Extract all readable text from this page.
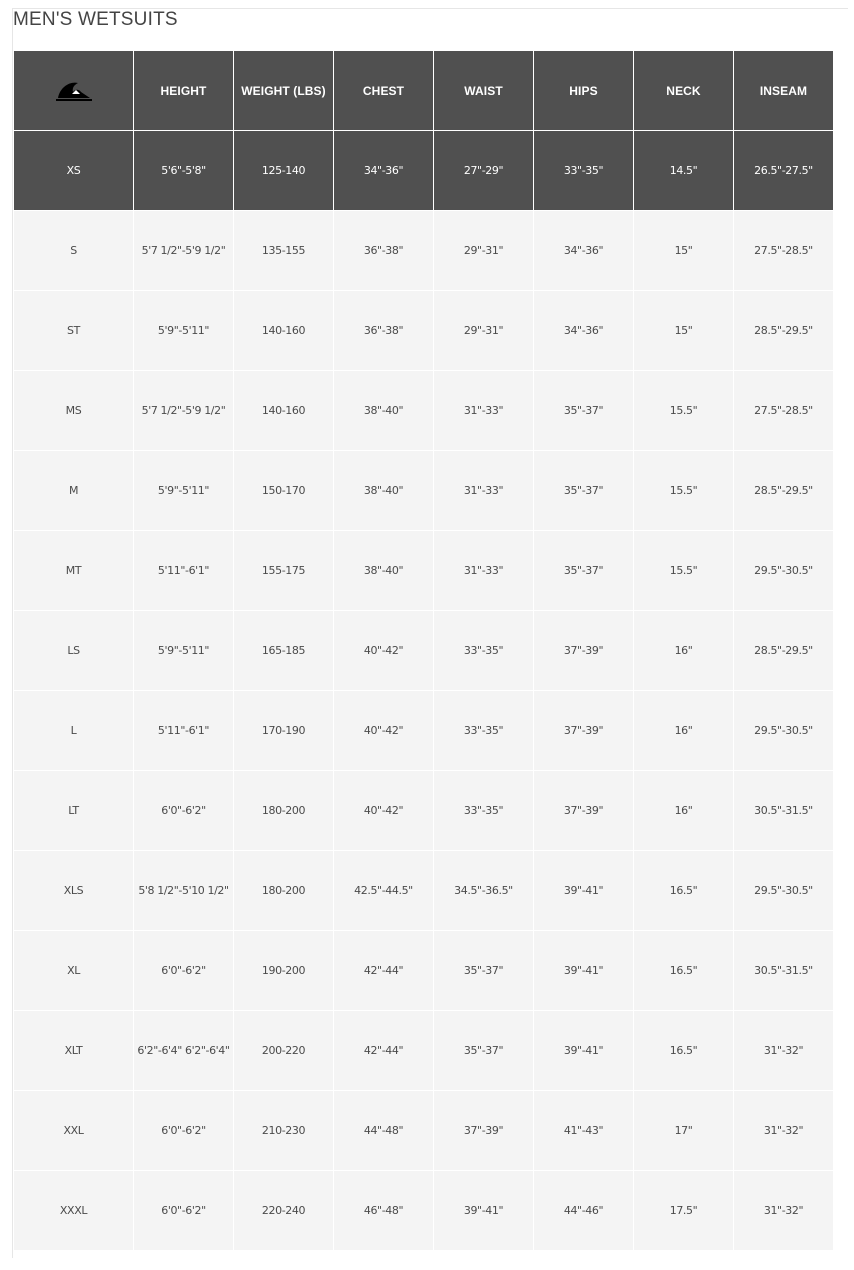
MEN'S WETSUITS
	HEIGHT	WEIGHT (LBS)	CHEST	WAIST	HIPS	NECK	INSEAM
XS	5'6"-5'8"	125-140	34"-36"	27"-29"	33"-35"	14.5"	26.5"-27.5"
S	5'7 1/2"-5'9 1/2"	135-155	36"-38"	29"-31"	34"-36"	15"	27.5"-28.5"
ST	5'9"-5'11"	140-160	36"-38"	29"-31"	34"-36"	15"	28.5"-29.5"
MS	5'7 1/2"-5'9 1/2"	140-160	38"-40"	31"-33"	35"-37"	15.5"	27.5"-28.5"
M	5'9"-5'11"	150-170	38"-40"	31"-33"	35"-37"	15.5"	28.5"-29.5"
MT	5'11"-6'1"	155-175	38"-40"	31"-33"	35"-37"	15.5"	29.5"-30.5"
LS	5'9"-5'11"	165-185	40"-42"	33"-35"	37"-39"	16"	28.5"-29.5"
L	5'11"-6'1"	170-190	40"-42"	33"-35"	37"-39"	16"	29.5"-30.5"
LT	6'0"-6'2"	180-200	40"-42"	33"-35"	37"-39"	16"	30.5"-31.5"
XLS	5'8 1/2"-5'10 1/2"	180-200	42.5"-44.5"	34.5"-36.5"	39"-41"	16.5"	29.5"-30.5"
XL	6'0"-6'2"	190-200	42"-44"	35"-37"	39"-41"	16.5"	30.5"-31.5"
XLT	6'2"-6'4" 6'2"-6'4"	200-220	42"-44"	35"-37"	39"-41"	16.5"	31"-32"
XXL	6'0"-6'2"	210-230	44"-48"	37"-39"	41"-43"	17"	31"-32"
XXXL	6'0"-6'2"	220-240	46"-48"	39"-41"	44"-46"	17.5"	31"-32"
